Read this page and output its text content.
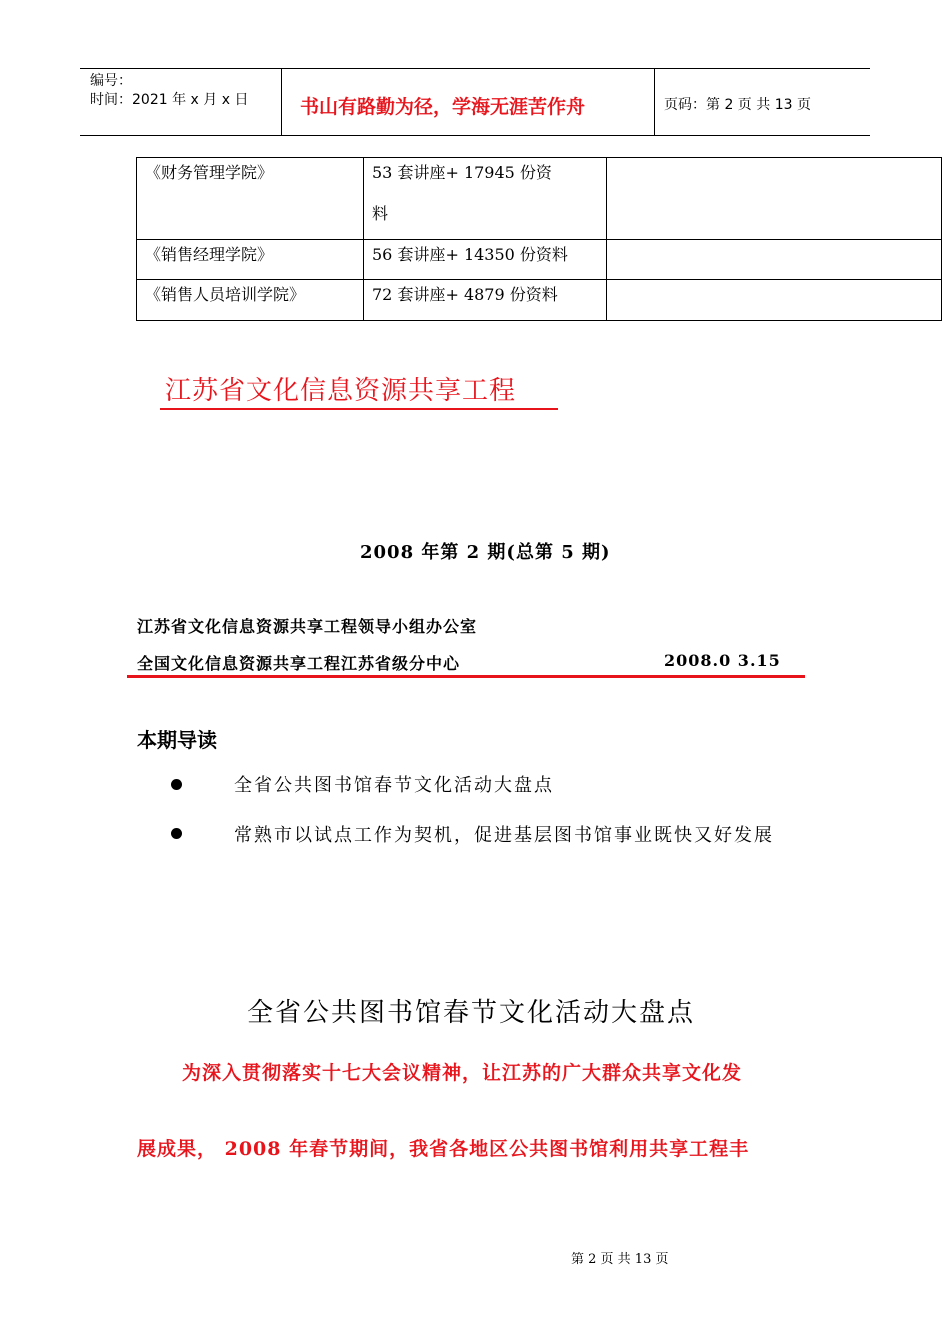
编号：
时间：2021 年 x 月 x 日	书山有路勤为径，学海无涯苦作舟	页码：第 2 页 共 13 页
《财务管理学院》	53 套讲座+ 17945 份资
料	

《销售经理学院》	56 套讲座+ 14350 份资料	
《销售人员培训学院》	72 套讲座+ 4879 份资料	
江苏省文化信息资源共享工程
2008 年第 2 期(总第 5 期)
江苏省文化信息资源共享工程领导小组办公室
全国文化信息资源共享工程江苏省级分中心	2008.0 3.15
本期导读
全省公共图书馆春节文化活动大盘点
常熟市以试点工作为契机，促进基层图书馆事业既快又好发展
全省公共图书馆春节文化活动大盘点
为深入贯彻落实十七大会议精神，让江苏的广大群众共享文化发
展成果， 2008 年春节期间，我省各地区公共图书馆利用共享工程丰
第 2 页 共 13 页
